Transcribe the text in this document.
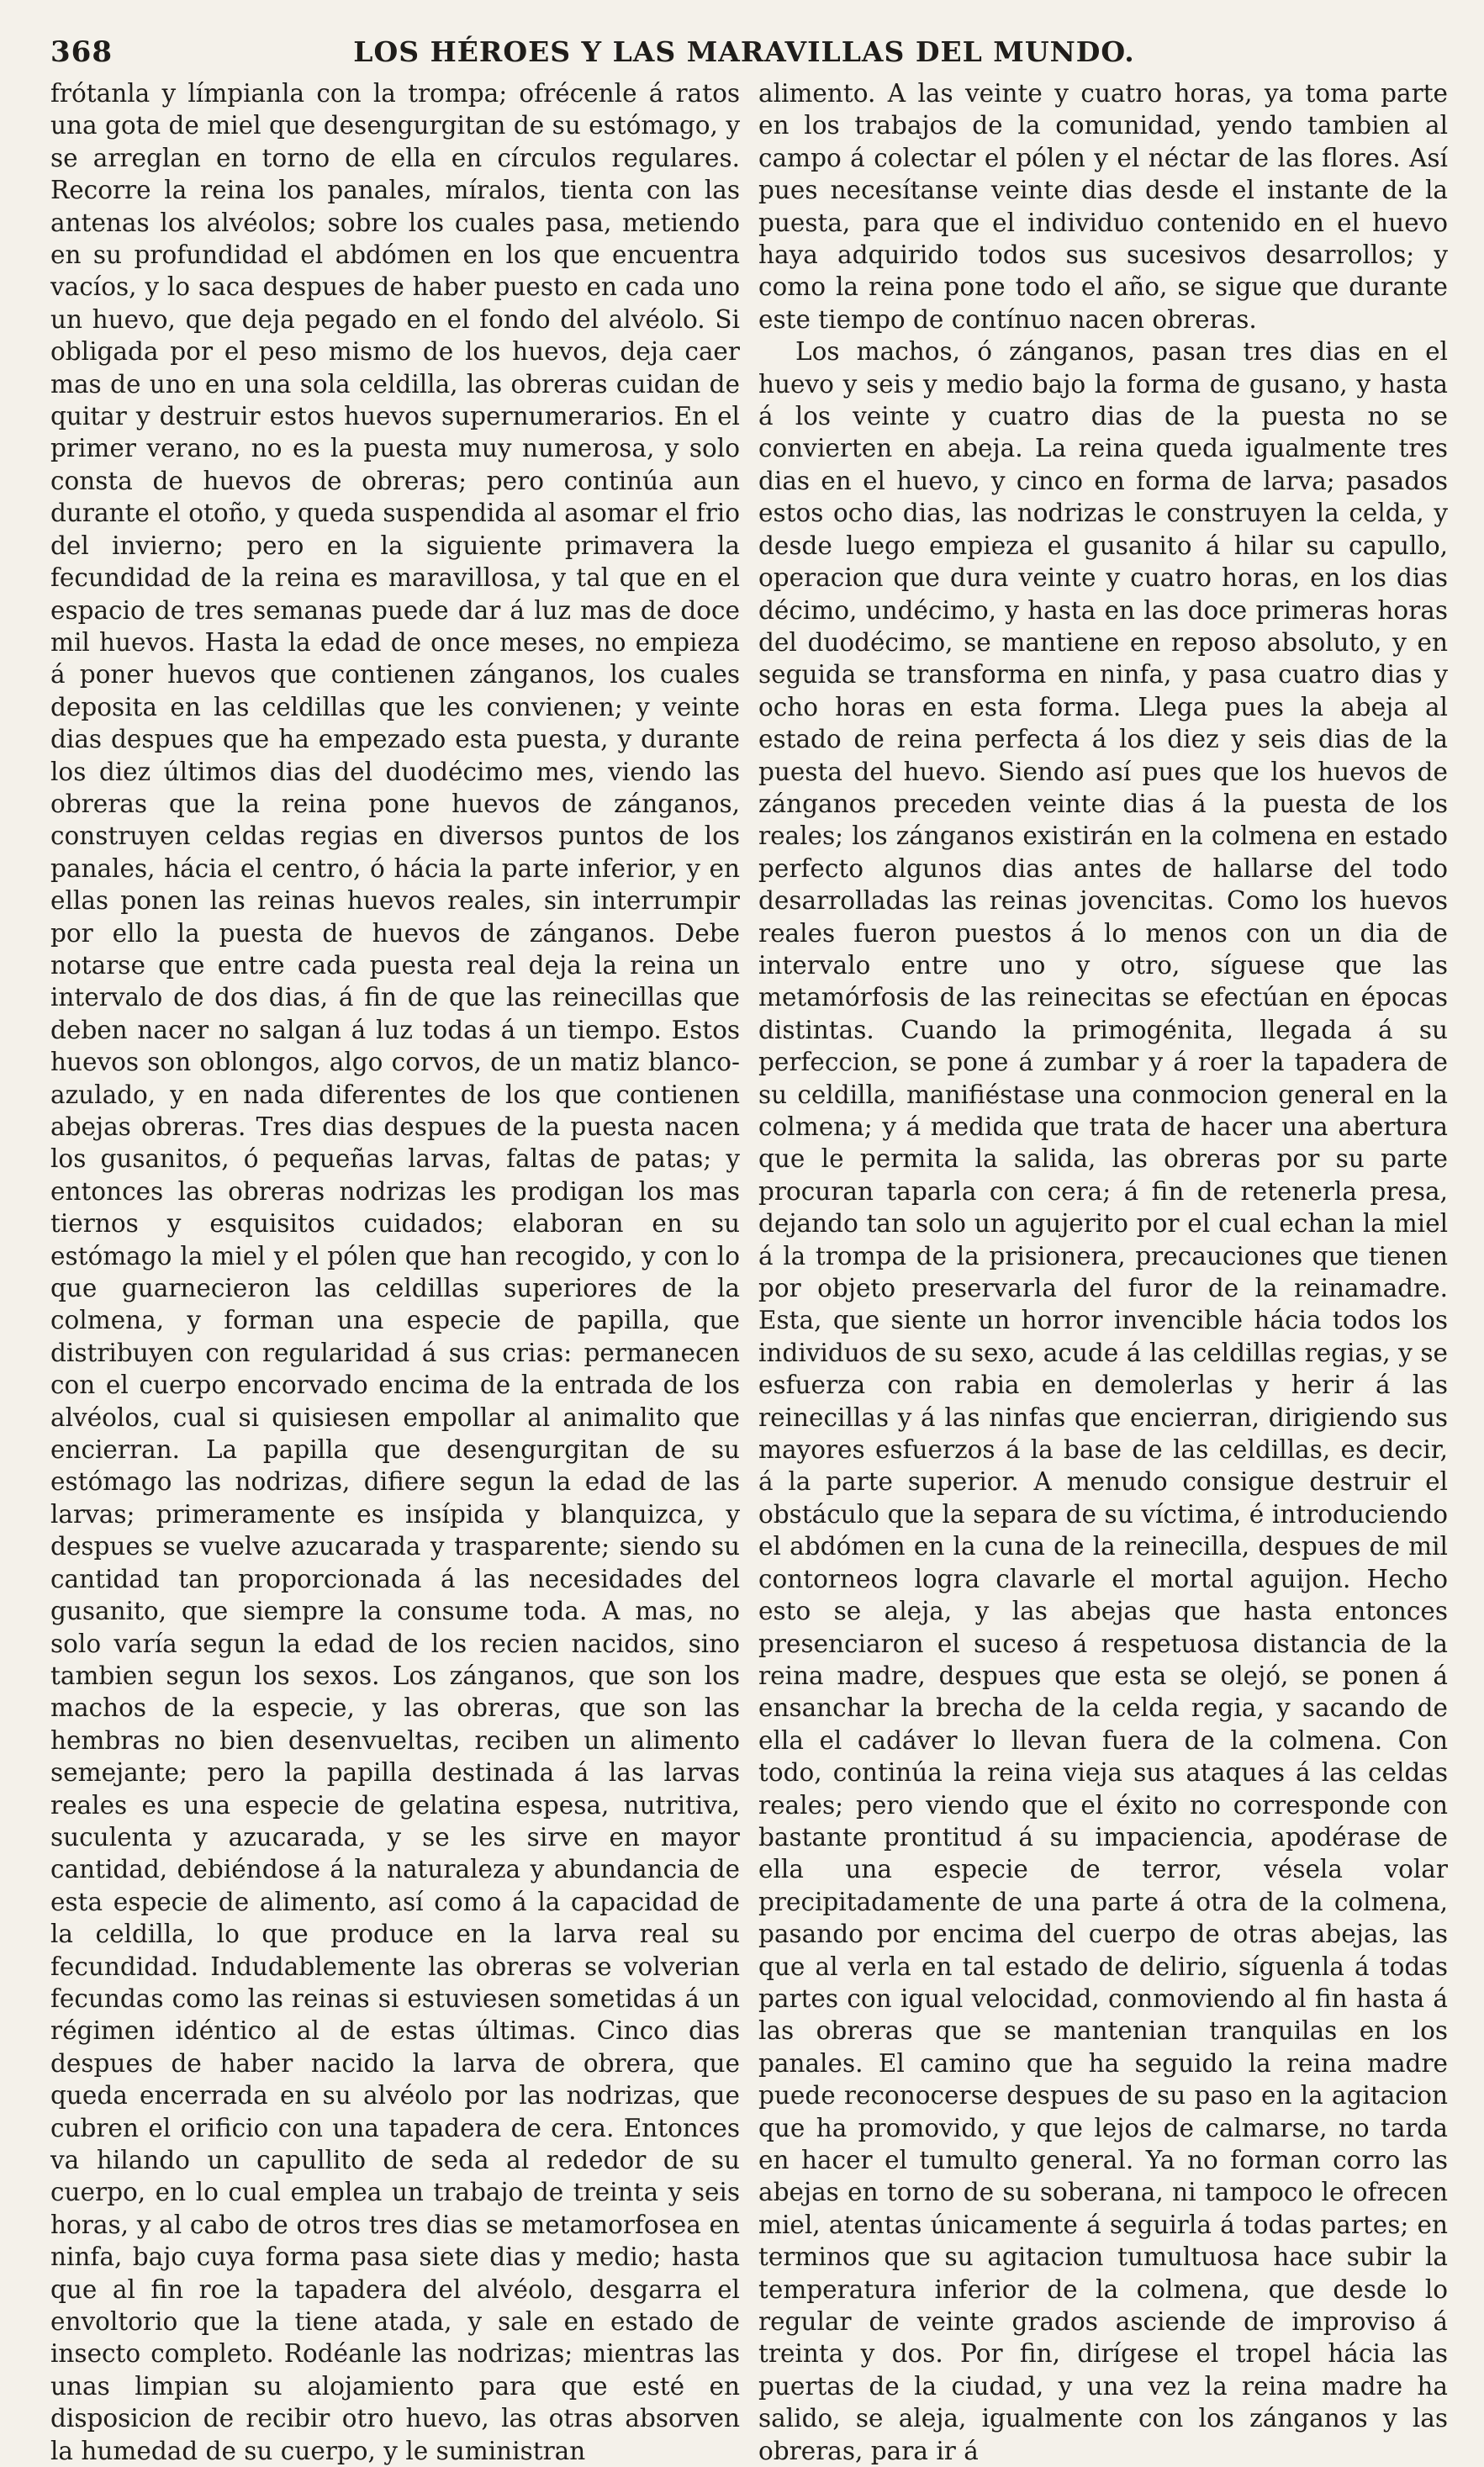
368	LOS HÉROES Y LAS MARAVILLAS DEL MUNDO.

frótanla y límpianla con la trompa; ofrécenle á ratos una gota de miel que desengurgitan de su estómago, y se arreglan en torno de ella en círculos regulares. Recorre la reina los panales, míralos, tienta con las antenas los alvéolos; sobre los cuales pasa, metiendo en su profundidad el abdómen en los que encuentra vacíos, y lo saca despues de haber puesto en cada uno un huevo, que deja pegado en el fondo del alvéolo. Si obligada por el peso mismo de los huevos, deja caer mas de uno en una sola celdilla, las obreras cuidan de quitar y destruir estos huevos supernumerarios. En el primer verano, no es la puesta muy numerosa, y solo consta de huevos de obreras; pero continúa aun durante el otoño, y queda suspendida al asomar el frio del invierno; pero en la siguiente primavera la fecundidad de la reina es maravillosa, y tal que en el espacio de tres semanas puede dar á luz mas de doce mil huevos. Hasta la edad de once meses, no empieza á poner huevos que contienen zánganos, los cuales deposita en las celdillas que les convienen; y veinte dias despues que ha empezado esta puesta, y durante los diez últimos dias del duodécimo mes, viendo las obreras que la reina pone huevos de zánganos, construyen celdas regias en diversos puntos de los panales, hácia el centro, ó hácia la parte inferior, y en ellas ponen las reinas huevos reales, sin interrumpir por ello la puesta de huevos de zánganos. Debe notarse que entre cada puesta real deja la reina un intervalo de dos dias, á fin de que las reinecillas que deben nacer no salgan á luz todas á un tiempo. Estos huevos son oblongos, algo corvos, de un matiz blanco-azulado, y en nada diferentes de los que contienen abejas obreras. Tres dias despues de la puesta nacen los gusanitos, ó pequeñas larvas, faltas de patas; y entonces las obreras nodrizas les prodigan los mas tiernos y esquisitos cuidados; elaboran en su estómago la miel y el pólen que han recogido, y con lo que guarnecieron las celdillas superiores de la colmena, y forman una especie de papilla, que distribuyen con regularidad á sus crias: permanecen con el cuerpo encorvado encima de la entrada de los alvéolos, cual si quisiesen empollar al animalito que encierran. La papilla que desengurgitan de su estómago las nodrizas, difiere segun la edad de las larvas; primeramente es insípida y blanquizca, y despues se vuelve azucarada y trasparente; siendo su cantidad tan proporcionada á las necesidades del gusanito, que siempre la consume toda. A mas, no solo varía segun la edad de los recien nacidos, sino tambien segun los sexos. Los zánganos, que son los machos de la especie, y las obreras, que son las hembras no bien desenvueltas, reciben un alimento semejante; pero la papilla destinada á las larvas reales es una especie de gelatina espesa, nutritiva, suculenta y azucarada, y se les sirve en mayor cantidad, debiéndose á la naturaleza y abundancia de esta especie de alimento, así como á la capacidad de la celdilla, lo que produce en la larva real su fecundidad. Indudablemente las obreras se volverian fecundas como las reinas si estuviesen sometidas á un régimen idéntico al de estas últimas. Cinco dias despues de haber nacido la larva de obrera, que queda encerrada en su alvéolo por las nodrizas, que cubren el orificio con una tapadera de cera. Entonces va hilando un capullito de seda al rededor de su cuerpo, en lo cual emplea un trabajo de treinta y seis horas, y al cabo de otros tres dias se metamorfosea en ninfa, bajo cuya forma pasa siete dias y medio; hasta que al fin roe la tapadera del alvéolo, desgarra el envoltorio que la tiene atada, y sale en estado de insecto completo. Rodéanle las nodrizas; mientras las unas limpian su alojamiento para que esté en disposicion de recibir otro huevo, las otras absorven la humedad de su cuerpo, y le suministran

alimento. A las veinte y cuatro horas, ya toma parte en los trabajos de la comunidad, yendo tambien al campo á colectar el pólen y el néctar de las flores. Así pues necesítanse veinte dias desde el instante de la puesta, para que el individuo contenido en el huevo haya adquirido todos sus sucesivos desarrollos; y como la reina pone todo el año, se sigue que durante este tiempo de contínuo nacen obreras.

Los machos, ó zánganos, pasan tres dias en el huevo y seis y medio bajo la forma de gusano, y hasta á los veinte y cuatro dias de la puesta no se convierten en abeja. La reina queda igualmente tres dias en el huevo, y cinco en forma de larva; pasados estos ocho dias, las nodrizas le construyen la celda, y desde luego empieza el gusanito á hilar su capullo, operacion que dura veinte y cuatro horas, en los dias décimo, undécimo, y hasta en las doce primeras horas del duodécimo, se mantiene en reposo absoluto, y en seguida se transforma en ninfa, y pasa cuatro dias y ocho horas en esta forma. Llega pues la abeja al estado de reina perfecta á los diez y seis dias de la puesta del huevo. Siendo así pues que los huevos de zánganos preceden veinte dias á la puesta de los reales; los zánganos existirán en la colmena en estado perfecto algunos dias antes de hallarse del todo desarrolladas las reinas jovencitas. Como los huevos reales fueron puestos á lo menos con un dia de intervalo entre uno y otro, síguese que las metamórfosis de las reinecitas se efectúan en épocas distintas. Cuando la primogénita, llegada á su perfeccion, se pone á zumbar y á roer la tapadera de su celdilla, manifiéstase una conmocion general en la colmena; y á medida que trata de hacer una abertura que le permita la salida, las obreras por su parte procuran taparla con cera; á fin de retenerla presa, dejando tan solo un agujerito por el cual echan la miel á la trompa de la prisionera, precauciones que tienen por objeto preservarla del furor de la reinamadre. Esta, que siente un horror invencible hácia todos los individuos de su sexo, acude á las celdillas regias, y se esfuerza con rabia en demolerlas y herir á las reinecillas y á las ninfas que encierran, dirigiendo sus mayores esfuerzos á la base de las celdillas, es decir, á la parte superior. A menudo consigue destruir el obstáculo que la separa de su víctima, é introduciendo el abdómen en la cuna de la reinecilla, despues de mil contorneos logra clavarle el mortal aguijon. Hecho esto se aleja, y las abejas que hasta entonces presenciaron el suceso á respetuosa distancia de la reina madre, despues que esta se olejó, se ponen á ensanchar la brecha de la celda regia, y sacando de ella el cadáver lo llevan fuera de la colmena. Con todo, continúa la reina vieja sus ataques á las celdas reales; pero viendo que el éxito no corresponde con bastante prontitud á su impaciencia, apodérase de ella una especie de terror, vésela volar precipitadamente de una parte á otra de la colmena, pasando por encima del cuerpo de otras abejas, las que al verla en tal estado de delirio, síguenla á todas partes con igual velocidad, conmoviendo al fin hasta á las obreras que se mantenian tranquilas en los panales. El camino que ha seguido la reina madre puede reconocerse despues de su paso en la agitacion que ha promovido, y que lejos de calmarse, no tarda en hacer el tumulto general. Ya no forman corro las abejas en torno de su soberana, ni tampoco le ofrecen miel, atentas únicamente á seguirla á todas partes; en terminos que su agitacion tumultuosa hace subir la temperatura inferior de la colmena, que desde lo regular de veinte grados asciende de improviso á treinta y dos. Por fin, dirígese el tropel hácia las puertas de la ciudad, y una vez la reina madre ha salido, se aleja, igualmente con los zánganos y las obreras, para ir á
